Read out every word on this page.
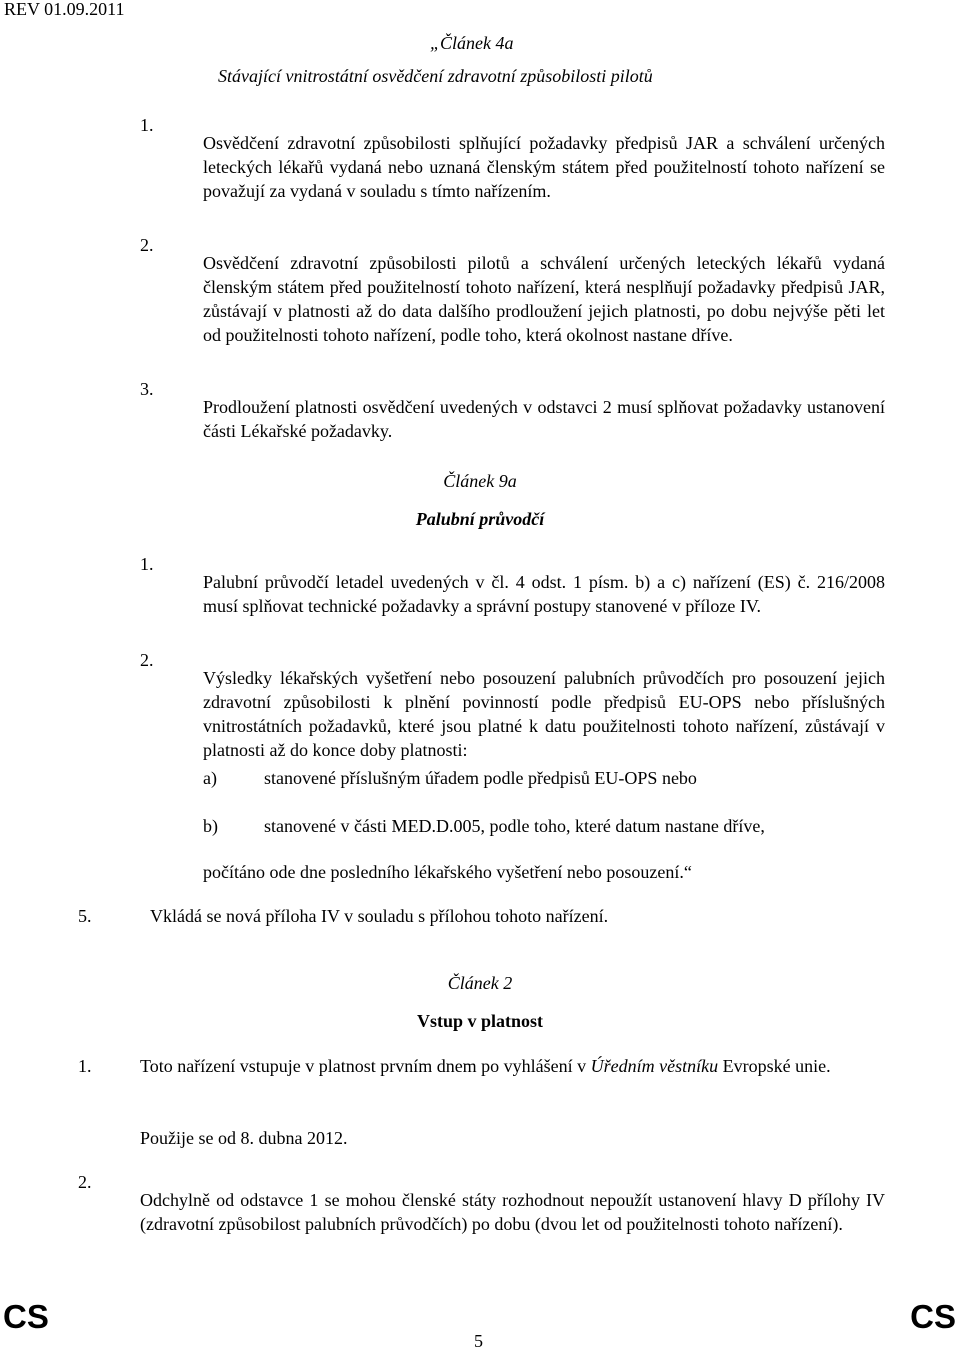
REV 01.09.2011
„Článek 4a
Stávající vnitrostátní osvědčení zdravotní způsobilosti pilotů
1.

Osvědčení zdravotní způsobilosti splňující požadavky předpisů JAR a schválení určených leteckých lékařů vydaná nebo uznaná členským státem před použitelností tohoto nařízení se považují za vydaná v souladu s tímto nařízením.

2.

Osvědčení zdravotní způsobilosti pilotů a schválení určených leteckých lékařů vydaná členským státem před použitelností tohoto nařízení, která nesplňují požadavky předpisů JAR, zůstávají v platnosti až do data dalšího prodloužení jejich platnosti, po dobu nejvýše pěti let od použitelnosti tohoto nařízení, podle toho, která okolnost nastane dříve.

3.

Prodloužení platnosti osvědčení uvedených v odstavci 2 musí splňovat požadavky ustanovení části Lékařské požadavky.

Článek 9a
Palubní průvodčí
1.

Palubní průvodčí letadel uvedených v čl. 4 odst. 1 písm. b) a c) nařízení (ES) č. 216/2008 musí splňovat technické požadavky a správní postupy stanovené v příloze IV.

2.

Výsledky lékařských vyšetření nebo posouzení palubních průvodčích pro posouzení jejich zdravotní způsobilosti k plnění povinností podle předpisů EU-OPS nebo příslušných vnitrostátních požadavků, které jsou platné k datu použitelnosti tohoto nařízení, zůstávají v platnosti až do konce doby platnosti:

a)	stanovené příslušným úřadem podle předpisů EU-OPS nebo
b)	stanovené v části MED.D.005, podle toho, které datum nastane dříve,
počítáno ode dne posledního lékařského vyšetření nebo posouzení.“
5.	Vkládá se nová příloha IV v souladu s přílohou tohoto nařízení.
Článek 2
Vstup v platnost
1.	Toto nařízení vstupuje v platnost prvním dnem po vyhlášení v Úředním věstníku Evropské unie.

Použije se od 8. dubna 2012.
2.

Odchylně od odstavce 1 se mohou členské státy rozhodnout nepoužít ustanovení hlavy D přílohy IV (zdravotní způsobilost palubních průvodčích) po dobu (dvou let od použitelnosti tohoto nařízení).

CS
5
CS
